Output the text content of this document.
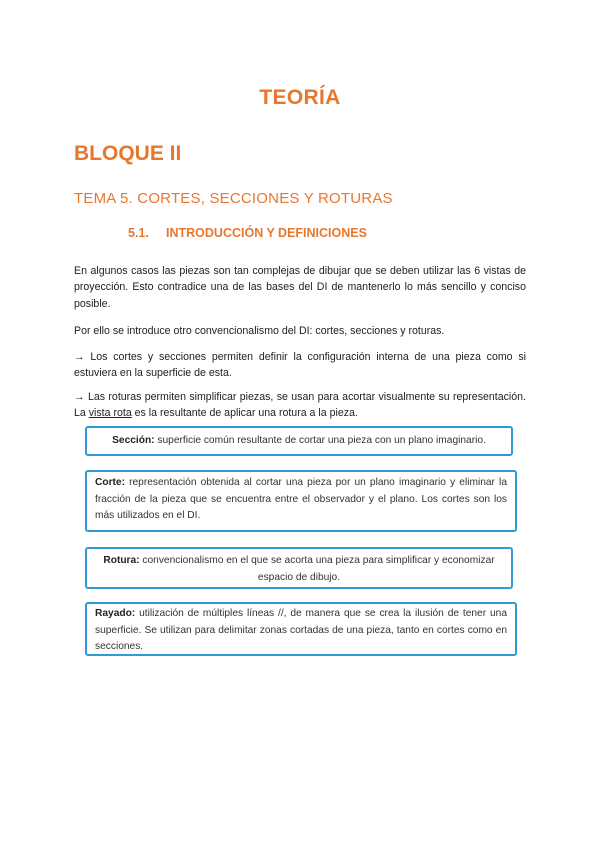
TEORÍA
BLOQUE II
TEMA 5. CORTES, SECCIONES Y ROTURAS
5.1. INTRODUCCIÓN Y DEFINICIONES

En algunos casos las piezas son tan complejas de dibujar que se deben utilizar las 6 vistas de proyección. Esto contradice una de las bases del DI de mantenerlo lo más sencillo y conciso posible.

Por ello se introduce otro convencionalismo del DI: cortes, secciones y roturas.

→ Los cortes y secciones permiten definir la configuración interna de una pieza como si estuviera en la superficie de esta.

→ Las roturas permiten simplificar piezas, se usan para acortar visualmente su representación. La vista rota es la resultante de aplicar una rotura a la pieza.

Sección: superficie común resultante de cortar una pieza con un plano imaginario.
Corte: representación obtenida al cortar una pieza por un plano imaginario y eliminar la fracción de la pieza que se encuentra entre el observador y el plano. Los cortes son los más utilizados en el DI.
Rotura: convencionalismo en el que se acorta una pieza para simplificar y economizar espacio de dibujo.
Rayado: utilización de múltiples líneas //, de manera que se crea la ilusión de tener una superficie. Se utilizan para delimitar zonas cortadas de una pieza, tanto en cortes como en secciones.
